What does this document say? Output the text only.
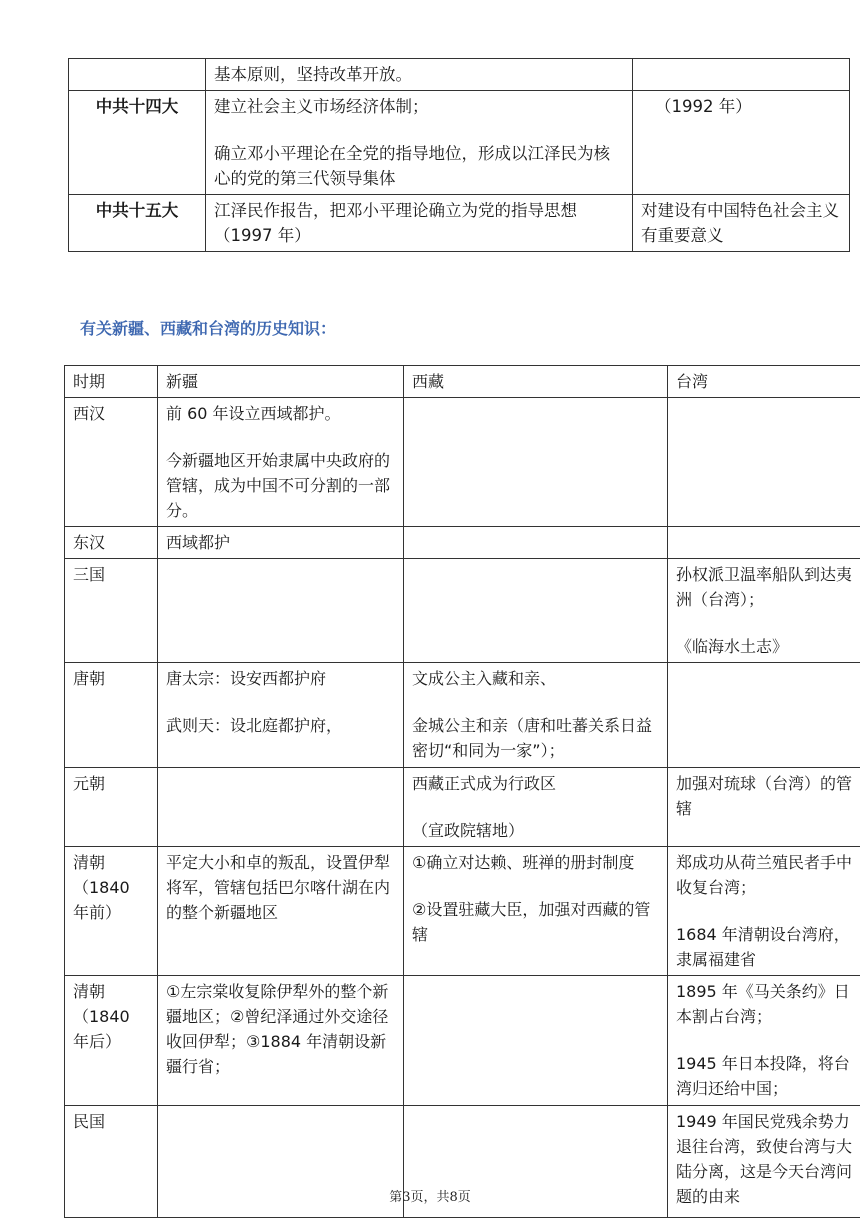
	基本原则，坚持改革开放。	

中共十四大	建立社会主义市场经济体制；
确立邓小平理论在全党的指导地位，形成以江泽民为核心的党的第三代领导集体	（1992 年）

中共十五大	江泽民作报告，把邓小平理论确立为党的指导思想（1997 年）	对建设有中国特色社会主义有重要意义
有关新疆、西藏和台湾的历史知识：
时期	新疆	西藏	台湾

西汉	前 60 年设立西域都护。
今新疆地区开始隶属中央政府的管辖，成为中国不可分割的一部分。		

东汉	西域都护		

三国			孙权派卫温率船队到达夷洲（台湾）；
《临海水土志》

唐朝	唐太宗：设安西都护府
武则天：设北庭都护府，	文成公主入藏和亲、
金城公主和亲（唐和吐蕃关系日益密切“和同为一家”）；	

元朝		西藏正式成为行政区
（宣政院辖地）	加强对琉球（台湾）的管辖

清朝（1840 年前）	平定大小和卓的叛乱，设置伊犁将军，管辖包括巴尔喀什湖在内的整个新疆地区	①确立对达赖、班禅的册封制度
②设置驻藏大臣，加强对西藏的管辖	郑成功从荷兰殖民者手中收复台湾；
1684 年清朝设台湾府，隶属福建省

清朝（1840 年后）	①左宗棠收复除伊犁外的整个新疆地区；②曾纪泽通过外交途径收回伊犁；③1884 年清朝设新疆行省；		1895 年《马关条约》日本割占台湾；
1945 年日本投降，将台湾归还给中国；

民国			1949 年国民党残余势力退往台湾，致使台湾与大陆分离，这是今天台湾问题的由来
第3页，共8页
